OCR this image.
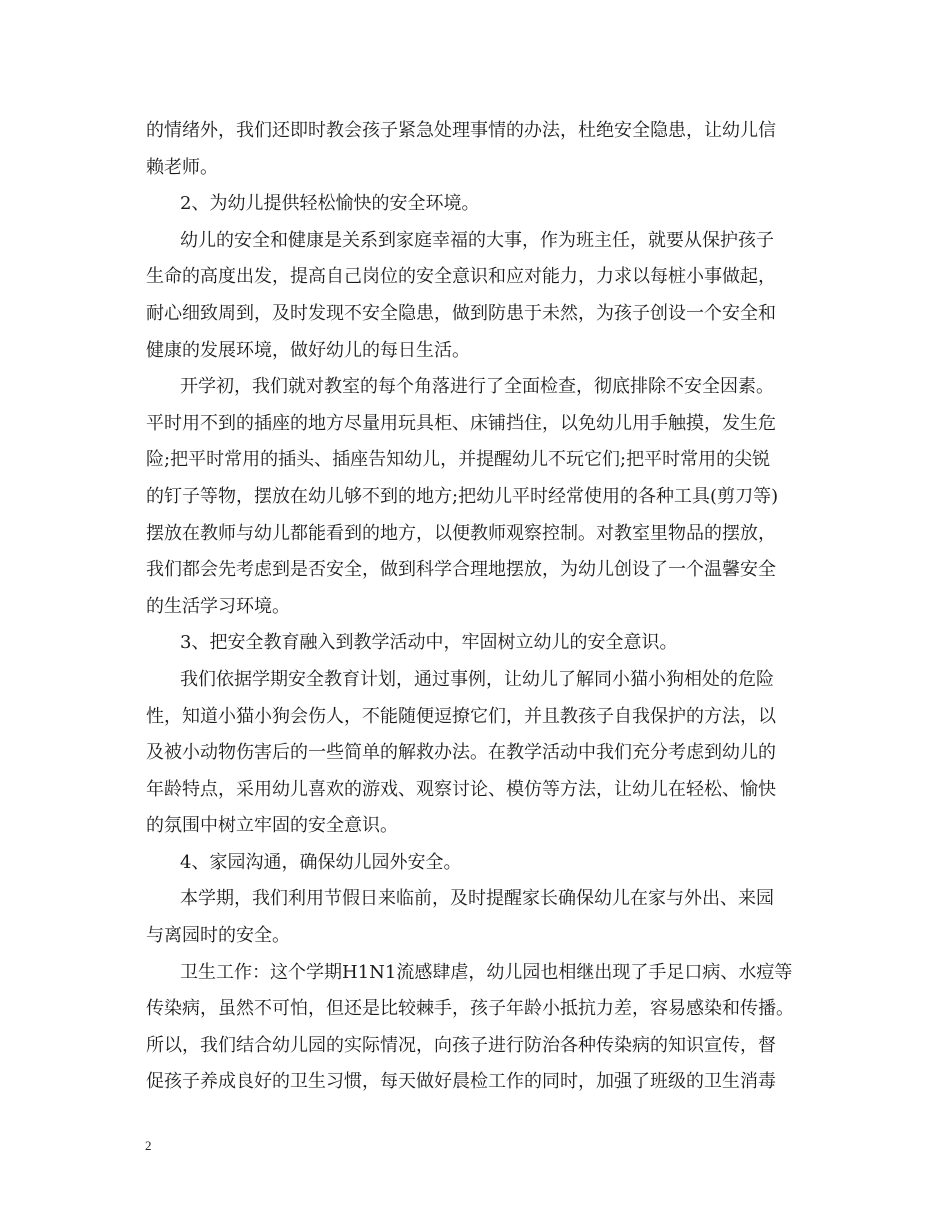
的情绪外，我们还即时教会孩子紧急处理事情的办法，杜绝安全隐患，让幼儿信
赖老师。
2、为幼儿提供轻松愉快的安全环境。
幼儿的安全和健康是关系到家庭幸福的大事，作为班主任，就要从保护孩子
生命的高度出发，提高自己岗位的安全意识和应对能力，力求以每桩小事做起，
耐心细致周到，及时发现不安全隐患，做到防患于未然，为孩子创设一个安全和
健康的发展环境，做好幼儿的每日生活。
开学初，我们就对教室的每个角落进行了全面检查，彻底排除不安全因素。
平时用不到的插座的地方尽量用玩具柜、床铺挡住，以免幼儿用手触摸，发生危
险;把平时常用的插头、插座告知幼儿，并提醒幼儿不玩它们;把平时常用的尖锐
的钉子等物，摆放在幼儿够不到的地方;把幼儿平时经常使用的各种工具(剪刀等)
摆放在教师与幼儿都能看到的地方，以便教师观察控制。对教室里物品的摆放，
我们都会先考虑到是否安全，做到科学合理地摆放，为幼儿创设了一个温馨安全
的生活学习环境。
3、把安全教育融入到教学活动中，牢固树立幼儿的安全意识。
我们依据学期安全教育计划，通过事例，让幼儿了解同小猫小狗相处的危险
性，知道小猫小狗会伤人，不能随便逗撩它们，并且教孩子自我保护的方法，以
及被小动物伤害后的一些简单的解救办法。在教学活动中我们充分考虑到幼儿的
年龄特点，采用幼儿喜欢的游戏、观察讨论、模仿等方法，让幼儿在轻松、愉快
的氛围中树立牢固的安全意识。
4、家园沟通，确保幼儿园外安全。
本学期，我们利用节假日来临前，及时提醒家长确保幼儿在家与外出、来园
与离园时的安全。
卫生工作：这个学期H1N1流感肆虐，幼儿园也相继出现了手足口病、水痘等
传染病，虽然不可怕，但还是比较棘手，孩子年龄小抵抗力差，容易感染和传播。
所以，我们结合幼儿园的实际情况，向孩子进行防治各种传染病的知识宣传，督
促孩子养成良好的卫生习惯，每天做好晨检工作的同时，加强了班级的卫生消毒
2
